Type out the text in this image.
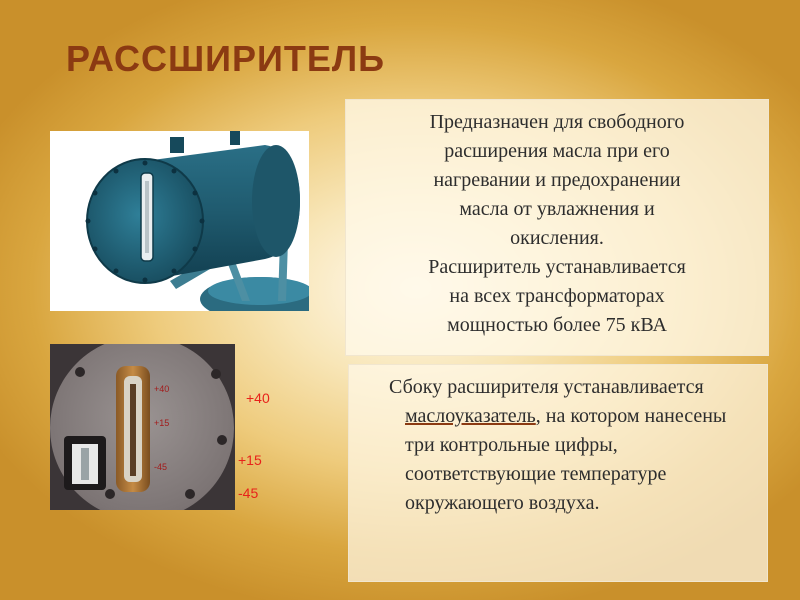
РАССШИРИТЕЛЬ
+40
+15
-45
+40
+15
-45

Предназначен для свободного

расширения масла при его

нагревании и предохранении

масла от увлажнения и

окисления.

Расширитель устанавливается

на всех трансформаторах

мощностью более 75 кВА

Сбоку расширителя устанавливается маслоуказатель, на котором нанесены три контрольные цифры, соответствующие температуре окружающего воздуха.
